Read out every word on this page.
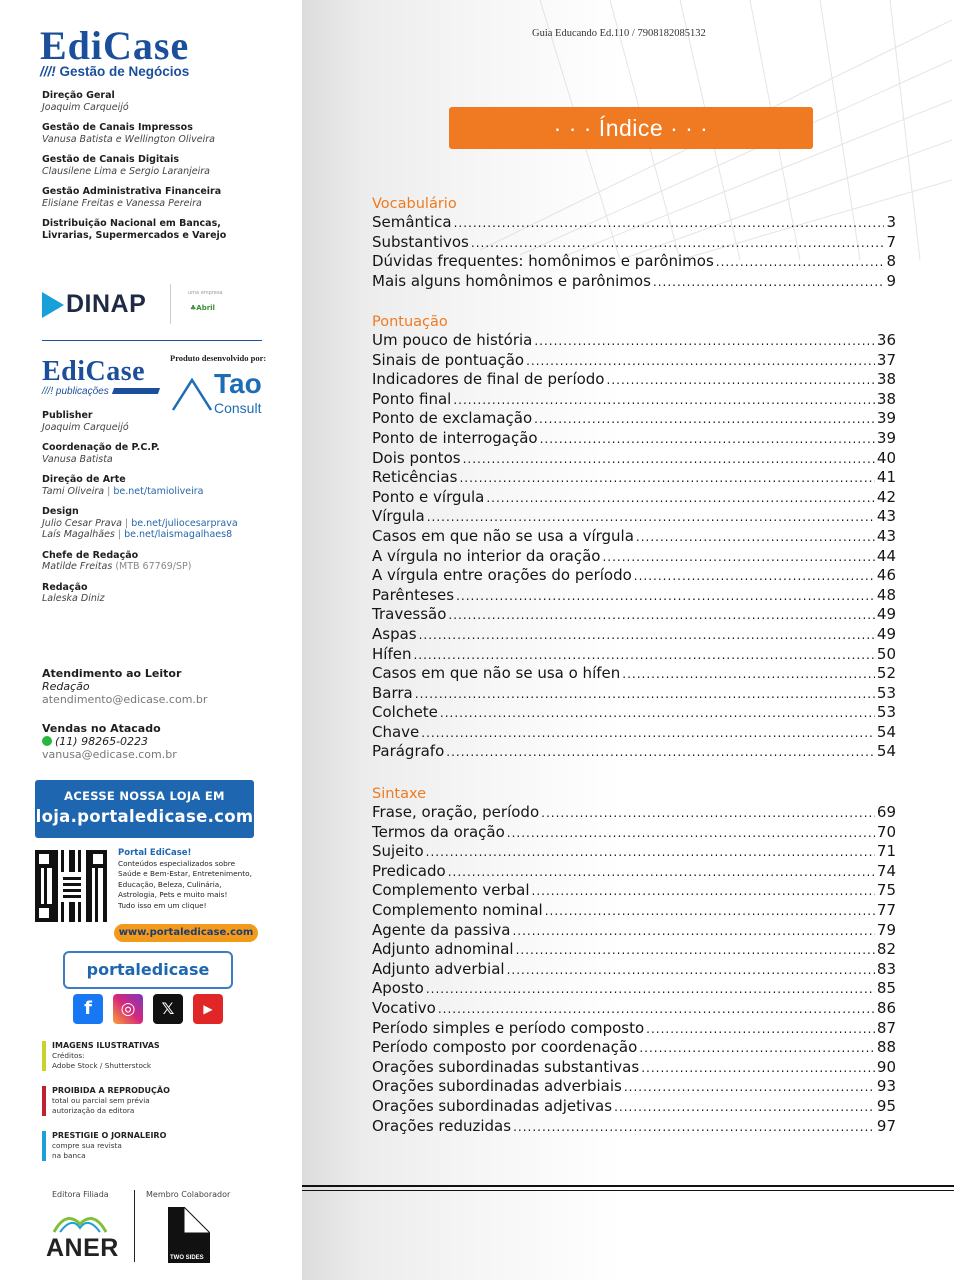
EdiCase
///! Gestão de Negócios
Direção Geral
Joaquim Carqueijó
Gestão de Canais Impressos
Vanusa Batista e Wellington Oliveira
Gestão de Canais Digitais
Clausilene Lima e Sergio Laranjeira
Gestão Administrativa Financeira
Elisiane Freitas e Vanessa Pereira
Distribuição Nacional em Bancas, Livrarias, Supermercados e Varejo
DINAP	uma empresa
♣Abril
EdiCase
///! publicações
Produto desenvolvido por:
Tao
Consult
Publisher
Joaquim Carqueijó
Coordenação de P.C.P.
Vanusa Batista
Direção de Arte
Tami Oliveira | be.net/tamioliveira
Design
Julio Cesar Prava | be.net/juliocesarprava
Laís Magalhães | be.net/laismagalhaes8
Chefe de Redação
Matilde Freitas (MTB 67769/SP)
Redação
Laleska Diniz
Atendimento ao Leitor
Redação
atendimento@edicase.com.br
Vendas no Atacado
(11) 98265-0223
vanusa@edicase.com.br
ACESSE NOSSA LOJA EM
loja.portaledicase.com
Portal EdiCase!
Conteúdos especializados sobre
Saúde e Bem-Estar, Entretenimento,
Educação, Beleza, Culinária,
Astrologia, Pets e muito mais!
Tudo isso em um clique!
www.portaledicase.com
portaledicase
f	◎	𝕏	▶
IMAGENS ILUSTRATIVAS
Créditos:
Adobe Stock / Shutterstock
PROIBIDA A REPRODUÇÃO
total ou parcial sem prévia
autorização da editora
PRESTIGIE O JORNALEIRO
compre sua revista
na banca
Editora Filiada	Membro Colaborador
ANER	TWO SIDES
Guia Educando Ed.110 / 7908182085132
· · · Índice · · ·
Vocabulário
Semântica .....	3
Substantivos .....	7
Dúvidas frequentes: homônimos e parônimos .....	8
Mais alguns homônimos e parônimos .....	9
Pontuação
Um pouco de história .....	36
Sinais de pontuação .....	37
Indicadores de final de período .....	38
Ponto final .....	38
Ponto de exclamação .....	39
Ponto de interrogação .....	39
Dois pontos .....	40
Reticências .....	41
Ponto e vírgula .....	42
Vírgula .....	43
Casos em que não se usa a vírgula .....	43
A vírgula no interior da oração .....	44
A vírgula entre orações do período .....	46
Parênteses .....	48
Travessão .....	49
Aspas .....	49
Hífen .....	50
Casos em que não se usa o hífen .....	52
Barra .....	53
Colchete .....	53
Chave .....	54
Parágrafo .....	54
Sintaxe
Frase, oração, período .....	69
Termos da oração .....	70
Sujeito .....	71
Predicado .....	74
Complemento verbal .....	75
Complemento nominal .....	77
Agente da passiva .....	79
Adjunto adnominal .....	82
Adjunto adverbial .....	83
Aposto .....	85
Vocativo .....	86
Período simples e período composto .....	87
Período composto por coordenação .....	88
Orações subordinadas substantivas .....	90
Orações subordinadas adverbiais .....	93
Orações subordinadas adjetivas .....	95
Orações reduzidas .....	97
